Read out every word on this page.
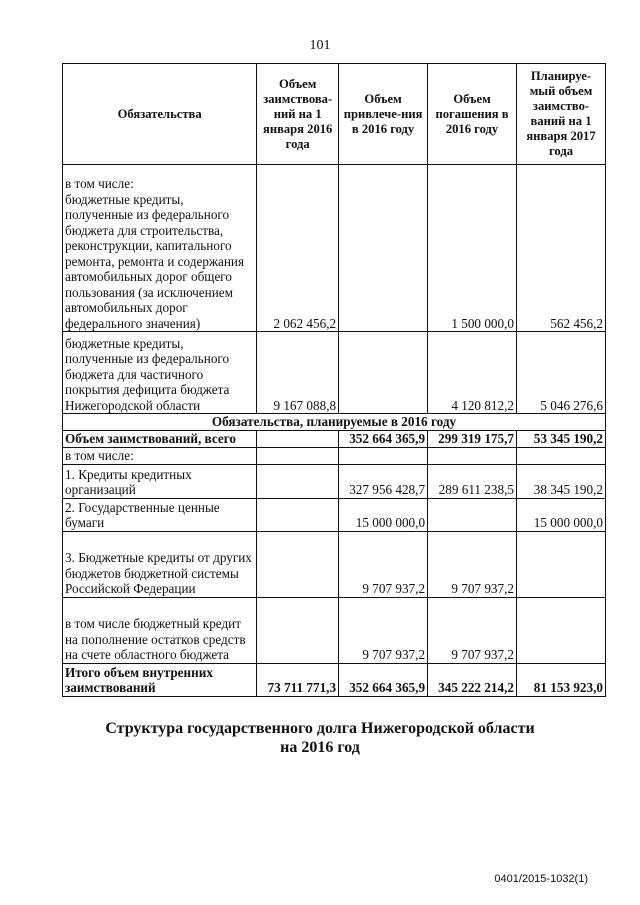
101
Обязательства	Объем заимствова-ний на 1 января 2016 года	Объем привлече-ния в 2016 году	Объем погашения в 2016 году	Планируе-мый объем заимство-ваний на 1 января 2017 года
в том числе:
бюджетные кредиты, полученные из федерального бюджета для строительства, реконструкции, капитального ремонта, ремонта и содержания автомобильных дорог общего пользования (за исключением автомобильных дорог федерального значения)	2 062 456,2		1 500 000,0	562 456,2
бюджетные кредиты, полученные из федерального бюджета для частичного покрытия дефицита бюджета Нижегородской области	9 167 088,8		4 120 812,2	5 046 276,6
Обязательства, планируемые в 2016 году				
Объем заимствований, всего		352 664 365,9	299 319 175,7	53 345 190,2
в том числе:				
1. Кредиты кредитных организаций		327 956 428,7	289 611 238,5	38 345 190,2
2. Государственные ценные бумаги		15 000 000,0		15 000 000,0
3. Бюджетные кредиты от других бюджетов бюджетной системы Российской Федерации		9 707 937,2	9 707 937,2	
в том числе бюджетный кредит на пополнение остатков средств на счете областного бюджета		9 707 937,2	9 707 937,2	
Итого объем внутренних заимствований	73 711 771,3	352 664 365,9	345 222 214,2	81 153 923,0
Структура государственного долга Нижегородской области
на 2016 год
0401/2015-1032(1)
